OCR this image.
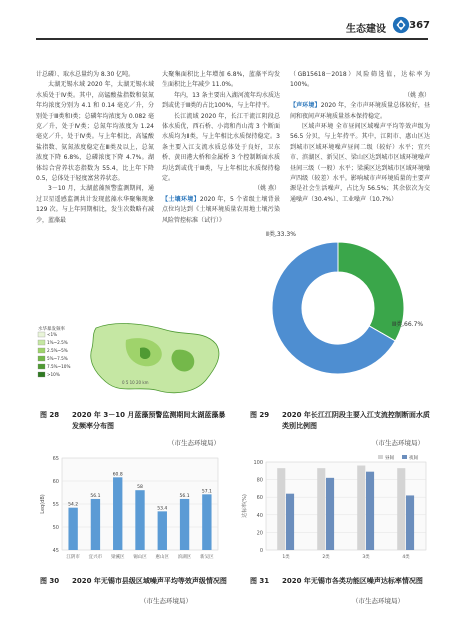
生态建设 367

计总磷）、取水总量约为 8.30 亿吨。

太湖无锡水域 2020 年，太湖无锡水域水质处于Ⅳ类。其中，高锰酸盐指数和氨氮年均浓度分别为 4.1 和 0.14 毫克／升，分别处于Ⅲ类和Ⅰ类；总磷年均浓度为 0.082 毫克／升，处于Ⅳ类；总氮年均浓度为 1.24 毫克／升，处于Ⅳ类。与上年相比，高锰酸盐指数、氨氮浓度稳定在Ⅲ类及以上，总氮浓度下降 6.8%，总磷浓度下降 4.7%。湖体综合营养状态指数为 55.4，比上年下降 0.5，总体处于轻度富营养状态。

3－10 月，太湖蓝藻预警监测期间，通过卫星遥感监测共计发现蓝藻水华聚集现象 129 次。与上年同期相比，发生次数略有减少，蓝藻最

大聚集面积比上年增加 6.8%，蓝藻平均发生面积比上年减少 11.0%。

年内，13 条主要出入湖河流年均水质达到或优于Ⅲ类的占比100%，与上年持平。

长江流域 2020 年，长江干流江阴段总体水质优，西石桥、小湾和肖山湾 3 个断面水质均为Ⅱ类，与上年相比水质保持稳定。3 条主要入江支流水质总体处于良好，卫东桥、黄田港大桥和金属桥 3 个控制断面水质均达到或优于Ⅲ类，与上年相比水质保持稳定。

（姚 燕）

【土壤环境】2020 年，5 个省级土壤背景点位均达到《土壤环境质量农用地土壤污染风险管控标准（试行）》

（GB15618－2018）风险筛选值，达标率为 100%。

（姚 燕）

【声环境】2020 年，全市声环境质量总体较好，昼间和夜间声环境质量基本保持稳定。

区域声环境 全市昼间区域噪声平均等效声级为 56.5 分贝，与上年持平。其中，江阴市、惠山区达到城市区域环境噪声昼间二级（较好）水平；宜兴市、滨湖区、新吴区、梁山区达到城市区域环境噪声昼间三级（一般）水平；梁溪区达到城市区域环境噪声四级（较差）水平。影响城市声环境质量的主要声源是社会生活噪声，占比为 56.5%；其余依次为交通噪声（30.4%）、工业噪声（10.7%）

0 5 10 20 km
水华暴发频率
<1%
1%~2.5%
2.5%~5%
5%~7.5%
7.5%~10%
>10%
Ⅱ类,33.3%
Ⅲ类,66.7%
图 28 2020 年 3－10 月蓝藻预警监测期间太湖蓝藻暴发频率分布图
图 29 2020 年长江江阴段主要入江支流控制断面水质类别比例图
（市生态环境局）	（市生态环境局）
45
50
55
60
65
Leq(dB)	54.2
江阴市
56.1
宜兴市
60.8
梁溪区
58
锡山区
53.4
惠山区
56.1
滨湖区
57.1
新吴区
0
20
40
60
80
100
达标率(%)
1类	2类	3类	4类
昼间	夜间
图 30 2020 年无锡市县级区域噪声平均等效声级情况图	图 31 2020 年无锡市各类功能区噪声达标率情况图
（市生态环境局）	（市生态环境局）
